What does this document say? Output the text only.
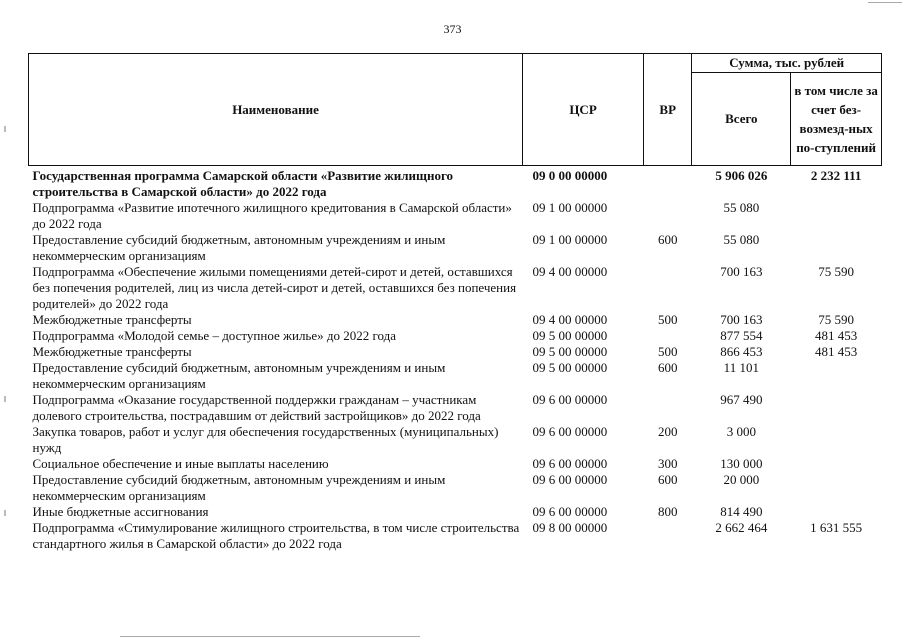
373
Наименование	ЦСР	ВР	Сумма, тыс. рублей	
			Всего	в том числе за счет без-возмезд-ных по-ступлений
Государственная программа Самарской области «Развитие жилищного строительства в Самарской области» до 2022 года	09 0 00 00000		5 906 026	2 232 111
Подпрограмма «Развитие ипотечного жилищного кредитования в Самарской области» до 2022 года	09 1 00 00000		55 080	
Предоставление субсидий бюджетным, автономным учреждениям и иным некоммерческим организациям	09 1 00 00000	600	55 080	
Подпрограмма «Обеспечение жилыми помещениями детей-сирот и детей, оставшихся без попечения родителей, лиц из числа детей-сирот и детей, оставшихся без попечения родителей» до 2022 года	09 4 00 00000		700 163	75 590
Межбюджетные трансферты	09 4 00 00000	500	700 163	75 590
Подпрограмма «Молодой семье – доступное жилье» до 2022 года	09 5 00 00000		877 554	481 453
Межбюджетные трансферты	09 5 00 00000	500	866 453	481 453
Предоставление субсидий бюджетным, автономным учреждениям и иным некоммерческим организациям	09 5 00 00000	600	11 101	
Подпрограмма «Оказание государственной поддержки гражданам – участникам долевого строительства, пострадавшим от действий застройщиков» до 2022 года	09 6 00 00000		967 490	
Закупка товаров, работ и услуг для обеспечения государственных (муниципальных) нужд	09 6 00 00000	200	3 000	
Социальное обеспечение и иные выплаты населению	09 6 00 00000	300	130 000	
Предоставление субсидий бюджетным, автономным учреждениям и иным некоммерческим организациям	09 6 00 00000	600	20 000	
Иные бюджетные ассигнования	09 6 00 00000	800	814 490	
Подпрограмма «Стимулирование жилищного строительства, в том числе строительства стандартного жилья в Самарской области» до 2022 года	09 8 00 00000		2 662 464	1 631 555
